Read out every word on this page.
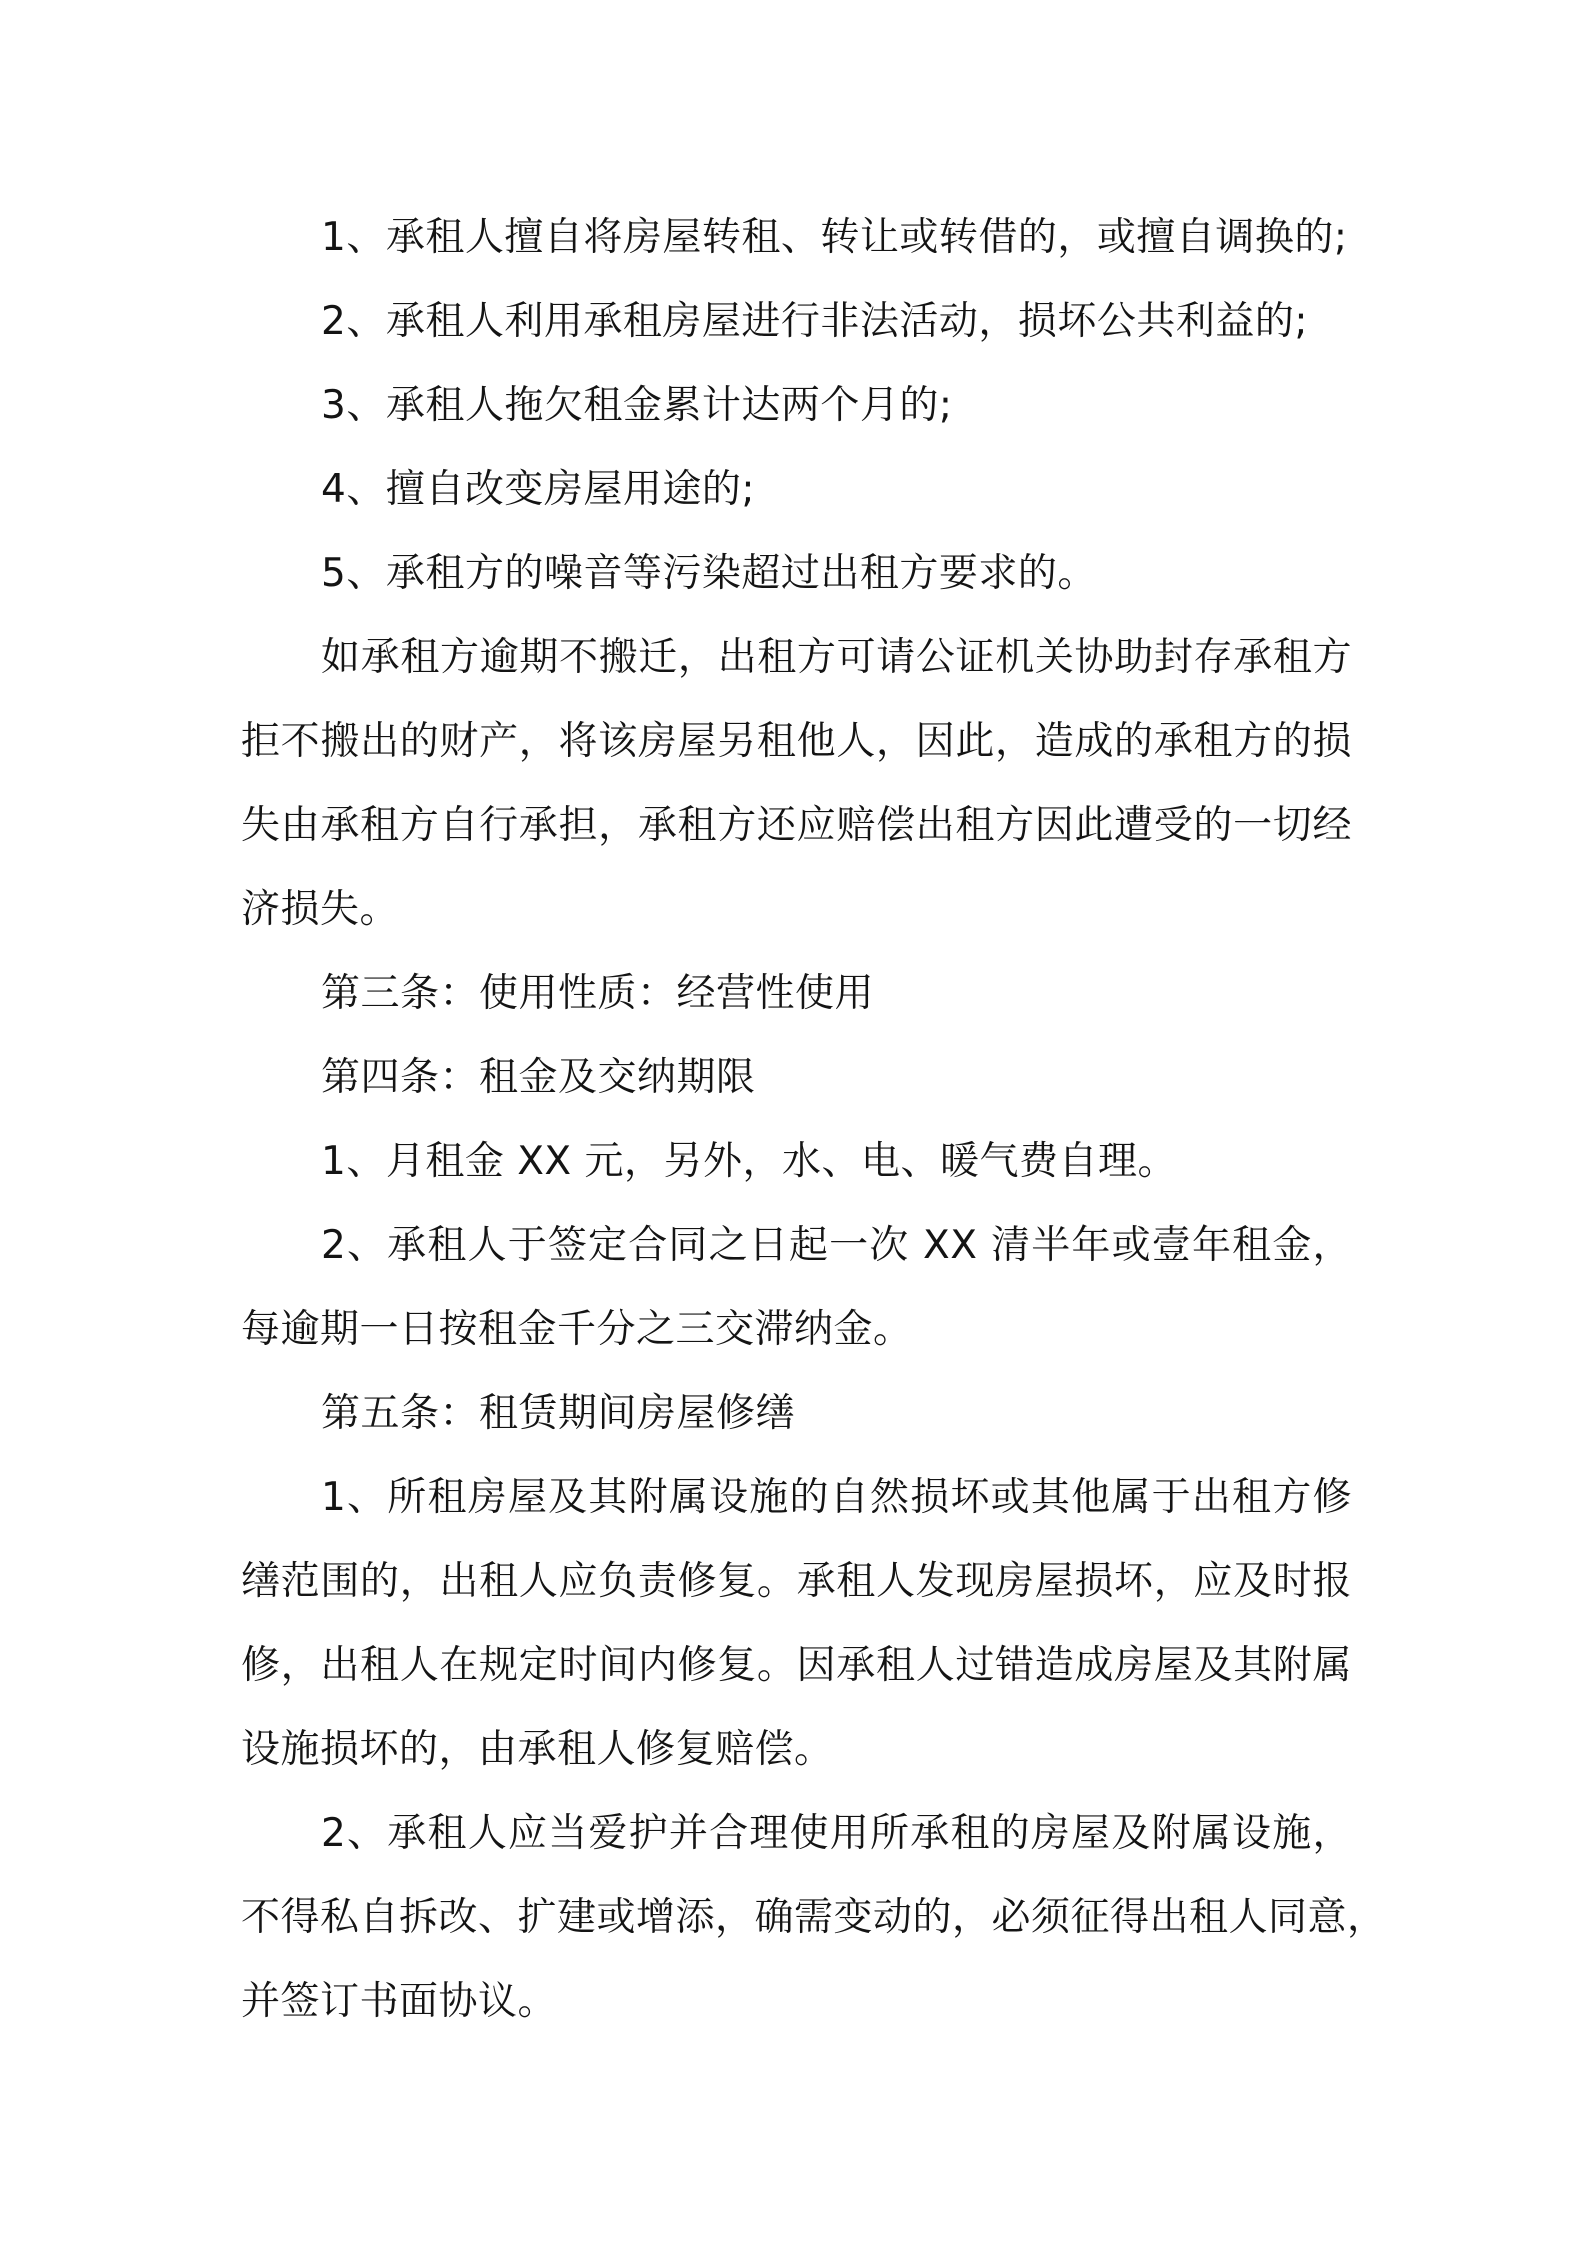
1、承租人擅自将房屋转租、转让或转借的，或擅自调换的;
2、承租人利用承租房屋进行非法活动，损坏公共利益的;
3、承租人拖欠租金累计达两个月的;
4、擅自改变房屋用途的;
5、承租方的噪音等污染超过出租方要求的。
如承租方逾期不搬迁，出租方可请公证机关协助封存承租方
拒不搬出的财产，将该房屋另租他人，因此，造成的承租方的损
失由承租方自行承担，承租方还应赔偿出租方因此遭受的一切经
济损失。
第三条：使用性质：经营性使用
第四条：租金及交纳期限
1、月租金 XX 元，另外，水、电、暖气费自理。
2、承租人于签定合同之日起一次 XX 清半年或壹年租金，
每逾期一日按租金千分之三交滞纳金。
第五条：租赁期间房屋修缮
1、所租房屋及其附属设施的自然损坏或其他属于出租方修
缮范围的，出租人应负责修复。承租人发现房屋损坏，应及时报
修，出租人在规定时间内修复。因承租人过错造成房屋及其附属
设施损坏的，由承租人修复赔偿。
2、承租人应当爱护并合理使用所承租的房屋及附属设施，
不得私自拆改、扩建或增添，确需变动的，必须征得出租人同意，
并签订书面协议。
